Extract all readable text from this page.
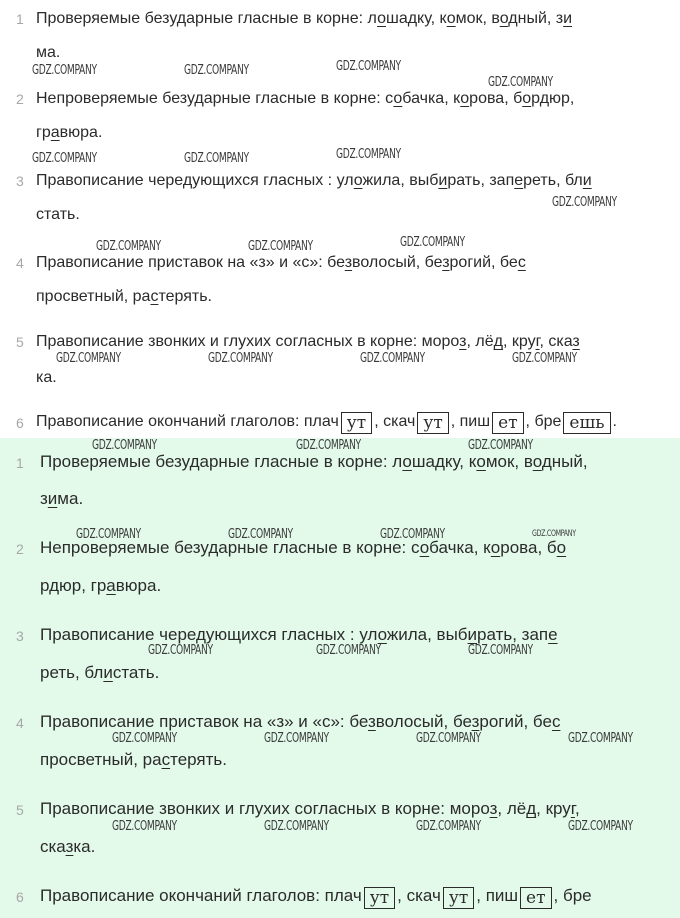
1 Проверяемые безударные гласные в корне: лошадку, комок, водный, зи
ма.
2 Непроверяемые безударные гласные в корне: собачка, корова, бордюр,
гравюра.
3 Правописание чередующихся гласных : уложила, выбирать, запереть, бли
стать.
4 Правописание приставок на «з» и «с»: безволосый, безрогий, бес
просветный, растерять.
5 Правописание звонких и глухих согласных в корне: мороз, лёд, круг, сказ
ка.
6 Правописание окончаний глаголов: плач ут , скач ут , пиш ет , бре ешь .
GDZ.COMPANY	GDZ.COMPANY	GDZ.COMPANY
GDZ.COMPANY
GDZ.COMPANY	GDZ.COMPANY	GDZ.COMPANY
GDZ.COMPANY
GDZ.COMPANY	GDZ.COMPANY	GDZ.COMPANY
GDZ.COMPANY	GDZ.COMPANY	GDZ.COMPANY	GDZ.COMPANY
1 Проверяемые безударные гласные в корне: лошадку, комок, водный,
зима.
2 Непроверяемые безударные гласные в корне: собачка, корова, бо
рдюр, гравюра.
3 Правописание чередующихся гласных : уложила, выбирать, запе
реть, блистать.
4 Правописание приставок на «з» и «с»: безволосый, безрогий, бес
просветный, растерять.
5 Правописание звонких и глухих согласных в корне: мороз, лёд, круг,
сказка.
6 Правописание окончаний глаголов: плач ут , скач ут , пиш ет , бре
GDZ.COMPANY	GDZ.COMPANY	GDZ.COMPANY
GDZ.COMPANY	GDZ.COMPANY	GDZ.COMPANY	GDZ.COMPANY
GDZ.COMPANY	GDZ.COMPANY	GDZ.COMPANY
GDZ.COMPANY	GDZ.COMPANY	GDZ.COMPANY	GDZ.COMPANY
GDZ.COMPANY	GDZ.COMPANY	GDZ.COMPANY	GDZ.COMPANY
